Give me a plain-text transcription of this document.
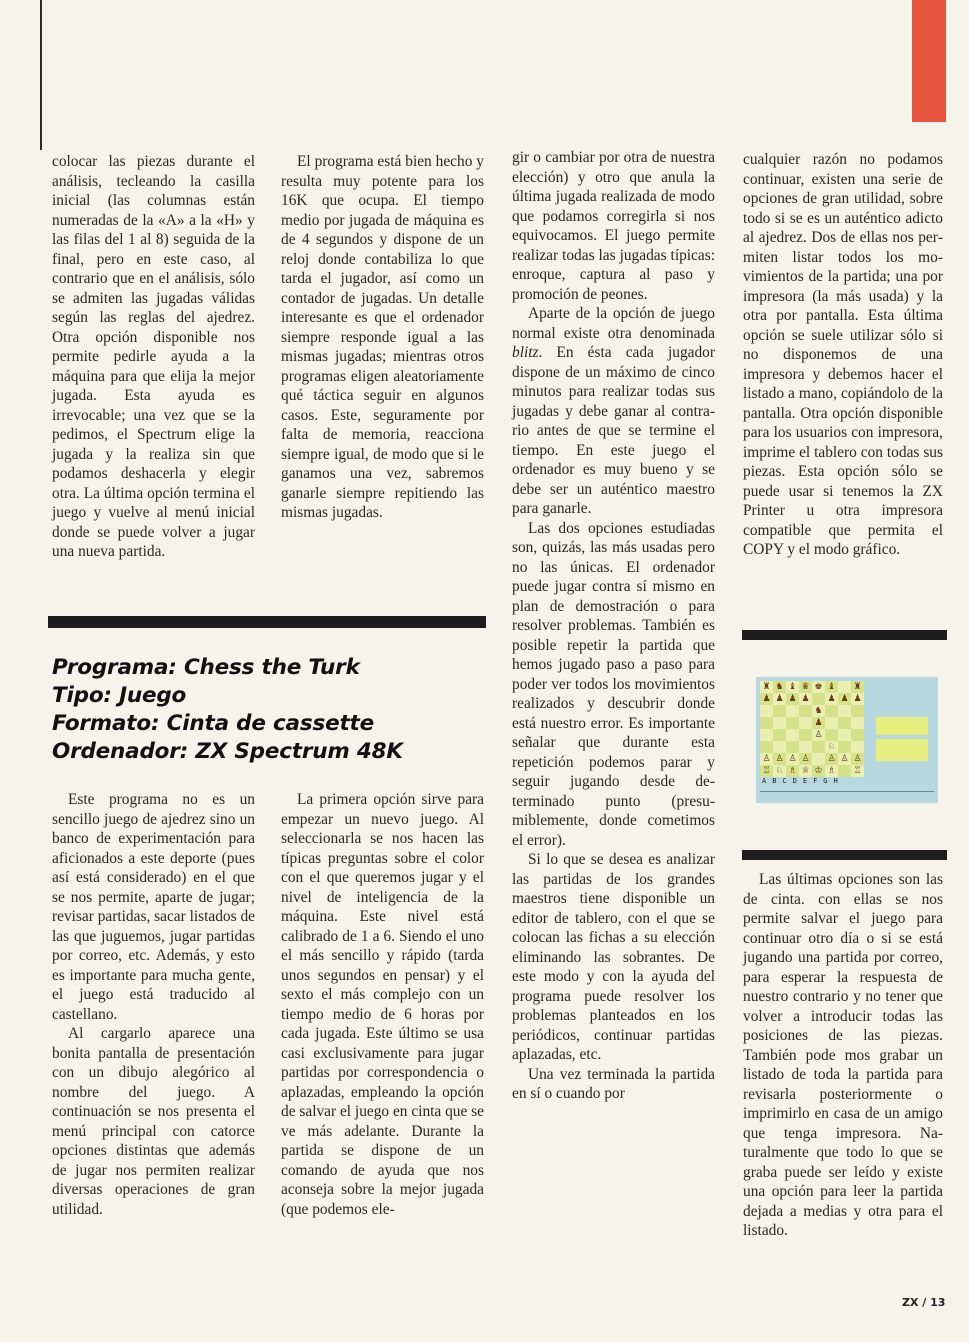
colocar las piezas durante el análisis, tecleando la casilla inicial (las columnas están numeradas de la «A» a la «H» y las filas del 1 al 8) seguida de la final, pero en este caso, al contrario que en el análisis, sólo se admiten las jugadas válidas según las reglas del ajedrez. Otra opción disponible nos permite pedirle ayuda a la máquina para que elija la mejor jugada. Esta ayuda es irrevocable; una vez que se la pedimos, el Spectrum elige la jugada y la realiza sin que podamos deshacerla y elegir otra. La última opción termina el juego y vuelve al menú inicial donde se puede volver a jugar una nueva partida.

El programa está bien hecho y resulta muy potente para los 16K que ocupa. El tiempo medio por jugada de máquina es de 4 segundos y dispone de un reloj donde contabiliza lo que tarda el jugador, así como un contador de jugadas. Un detalle interesante es que el ordenador siempre responde igual a las mismas jugadas; mientras otros programas eligen aleatoriamente qué táctica seguir en algunos casos. Este, seguramente por falta de memoria, reacciona siempre igual, de modo que si le ganamos una vez, sabremos ganarle siempre repitiendo las mismas jugadas.

Programa: Chess the Turk
Tipo: Juego
Formato: Cinta de cassette
Ordenador: ZX Spectrum 48K

Este programa no es un sencillo juego de ajedrez sino un banco de experimentación para aficionados a este deporte (pues así está considerado) en el que se nos permite, aparte de jugar; revisar partidas, sacar listados de las que juguemos, jugar partidas por correo, etc. Además, y esto es importante para mucha gente, el juego está traducido al castellano.

Al cargarlo aparece una bonita pantalla de presentación con un dibujo alegórico al nombre del juego. A continuación se nos presenta el menú principal con catorce opciones distintas que además de jugar nos permiten realizar diversas operaciones de gran utilidad.

La primera opción sirve para empezar un nuevo juego. Al seleccionarla se nos hacen las típicas preguntas sobre el color con el que queremos jugar y el nivel de inteligencia de la máquina. Este nivel está calibrado de 1 a 6. Siendo el uno el más sencillo y rápido (tarda unos segundos en pensar) y el sexto el más complejo con un tiempo medio de 6 horas por cada jugada. Este último se usa casi exclusivamente para jugar partidas por correspondencia o aplazadas, empleando la opción de salvar el juego en cinta que se ve más adelante. Durante la partida se dispone de un comando de ayuda que nos aconseja sobre la mejor jugada (que podemos ele-

gir o cambiar por otra de nuestra elección) y otro que anula la última jugada realizada de modo que podamos corregirla si nos equivocamos. El juego permite realizar todas las jugadas típicas: enroque, captura al paso y promoción de peones.

Aparte de la opción de juego normal existe otra denominada blitz. En ésta cada jugador dispone de un máximo de cinco minutos para realizar todas sus jugadas y debe ganar al contrario antes de que se termine el tiempo. En este juego el ordenador es muy bueno y se debe ser un auténtico maestro para ganarle.

Las dos opciones estudiadas son, quizás, las más usadas pero no las únicas. El ordenador puede jugar contra sí mismo en plan de demostración o para resolver problemas. También es posible repetir la partida que hemos jugado paso a paso para poder ver todos los movimientos realizados y descubrir donde está nuestro error. Es importante señalar que durante esta repetición podemos parar y seguir jugando desde determinado punto (presumiblemente, donde cometimos el error).

Si lo que se desea es analizar las partidas de los grandes maestros tiene disponible un editor de tablero, con el que se colocan las fichas a su elección eliminando las sobrantes. De este modo y con la ayuda del programa puede resolver los problemas planteados en los periódicos, continuar partidas aplazadas, etc.

Una vez terminada la partida en sí o cuando por

cualquier razón no podamos continuar, existen una serie de opciones de gran utilidad, sobre todo si se es un auténtico adicto al ajedrez. Dos de ellas nos permiten listar todos los movimientos de la partida; una por impresora (la más usada) y la otra por pantalla. Esta última opción se suele utilizar sólo si no disponemos de una impresora y debemos hacer el listado a mano, copiándolo de la pantalla. Otra opción disponible para los usuarios con impresora, imprime el tablero con todas sus piezas. Esta opción sólo se puede usar si tenemos la ZX Printer u otra impresora compatible que permita el COPY y el modo gráfico.

♜ ♞ ♝ ♛ ♚ ♝ ♜
♟ ♟ ♟ ♟ ♟ ♟ ♟
♞
♟
♙
♘
♙ ♙ ♙ ♙ ♙ ♙ ♙
♖ ♘ ♗ ♕ ♔ ♗ ♖
ABCDEFGH

Las últimas opciones son las de cinta. con ellas se nos permite salvar el juego para continuar otro día o si se está jugando una partida por correo, para esperar la respuesta de nuestro contrario y no tener que volver a introducir todas las posiciones de las piezas. También pode mos grabar un listado de toda la partida para revisarla posteriormente o imprimirlo en casa de un amigo que tenga impresora. Naturalmente que todo lo que se graba puede ser leído y existe una opción para leer la partida dejada a medias y otra para el listado.

ZX / 13
